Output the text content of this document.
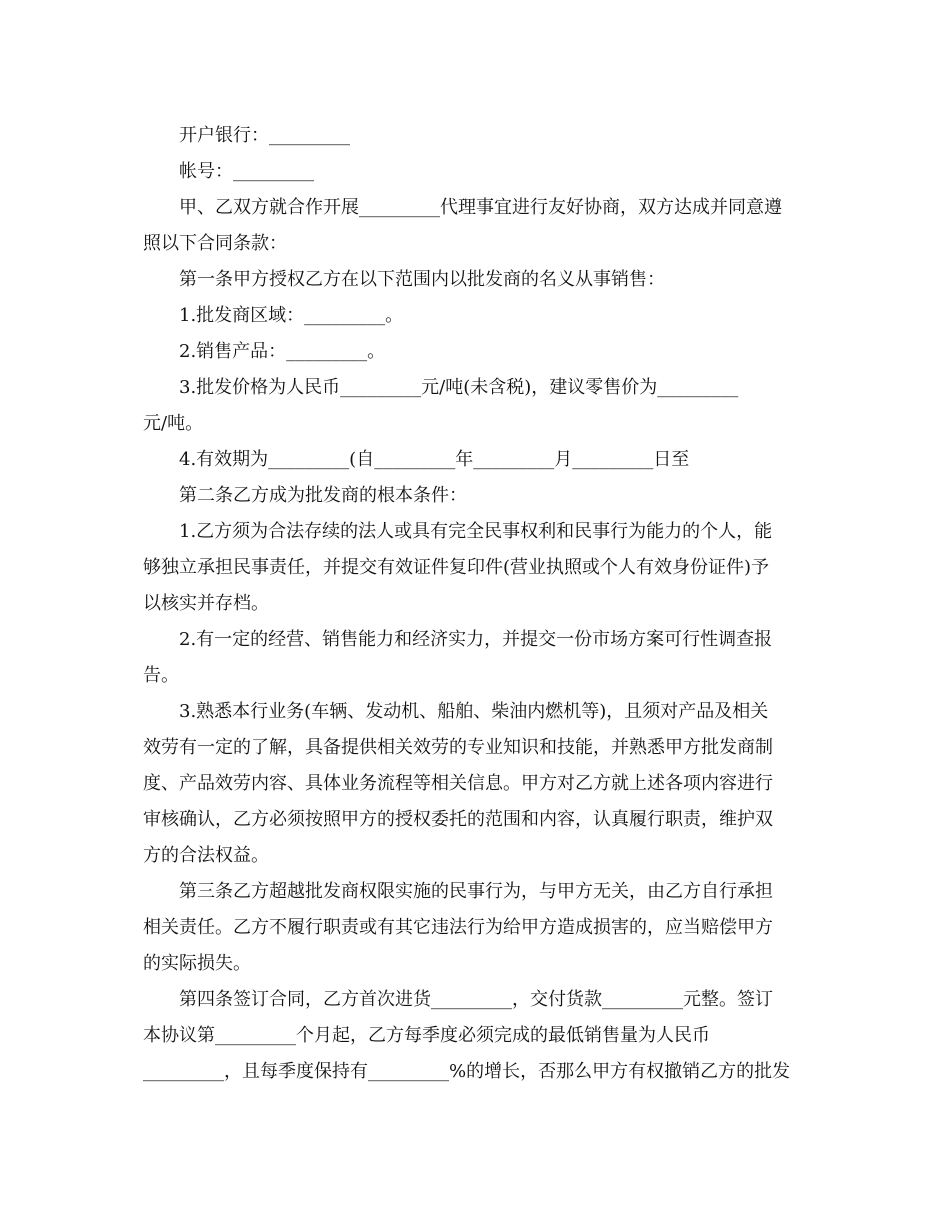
开户银行：_________
帐号：_________
甲、乙双方就合作开展_________代理事宜进行友好协商，双方达成并同意遵
照以下合同条款：
第一条甲方授权乙方在以下范围内以批发商的名义从事销售：
1.批发商区域：_________。
2.销售产品：_________。
3.批发价格为人民币_________元/吨(未含税)，建议零售价为_________
元/吨。
4.有效期为_________(自_________年_________月_________日至
第二条乙方成为批发商的根本条件：
1.乙方须为合法存续的法人或具有完全民事权利和民事行为能力的个人，能
够独立承担民事责任，并提交有效证件复印件(营业执照或个人有效身份证件)予
以核实并存档。
2.有一定的经营、销售能力和经济实力，并提交一份市场方案可行性调查报
告。
3.熟悉本行业务(车辆、发动机、船舶、柴油内燃机等)，且须对产品及相关
效劳有一定的了解，具备提供相关效劳的专业知识和技能，并熟悉甲方批发商制
度、产品效劳内容、具体业务流程等相关信息。甲方对乙方就上述各项内容进行
审核确认，乙方必须按照甲方的授权委托的范围和内容，认真履行职责，维护双
方的合法权益。
第三条乙方超越批发商权限实施的民事行为，与甲方无关，由乙方自行承担
相关责任。乙方不履行职责或有其它违法行为给甲方造成损害的，应当赔偿甲方
的实际损失。
第四条签订合同，乙方首次进货_________，交付货款_________元整。签订
本协议第_________个月起，乙方每季度必须完成的最低销售量为人民币
_________，且每季度保持有_________%的增长，否那么甲方有权撤销乙方的批发
